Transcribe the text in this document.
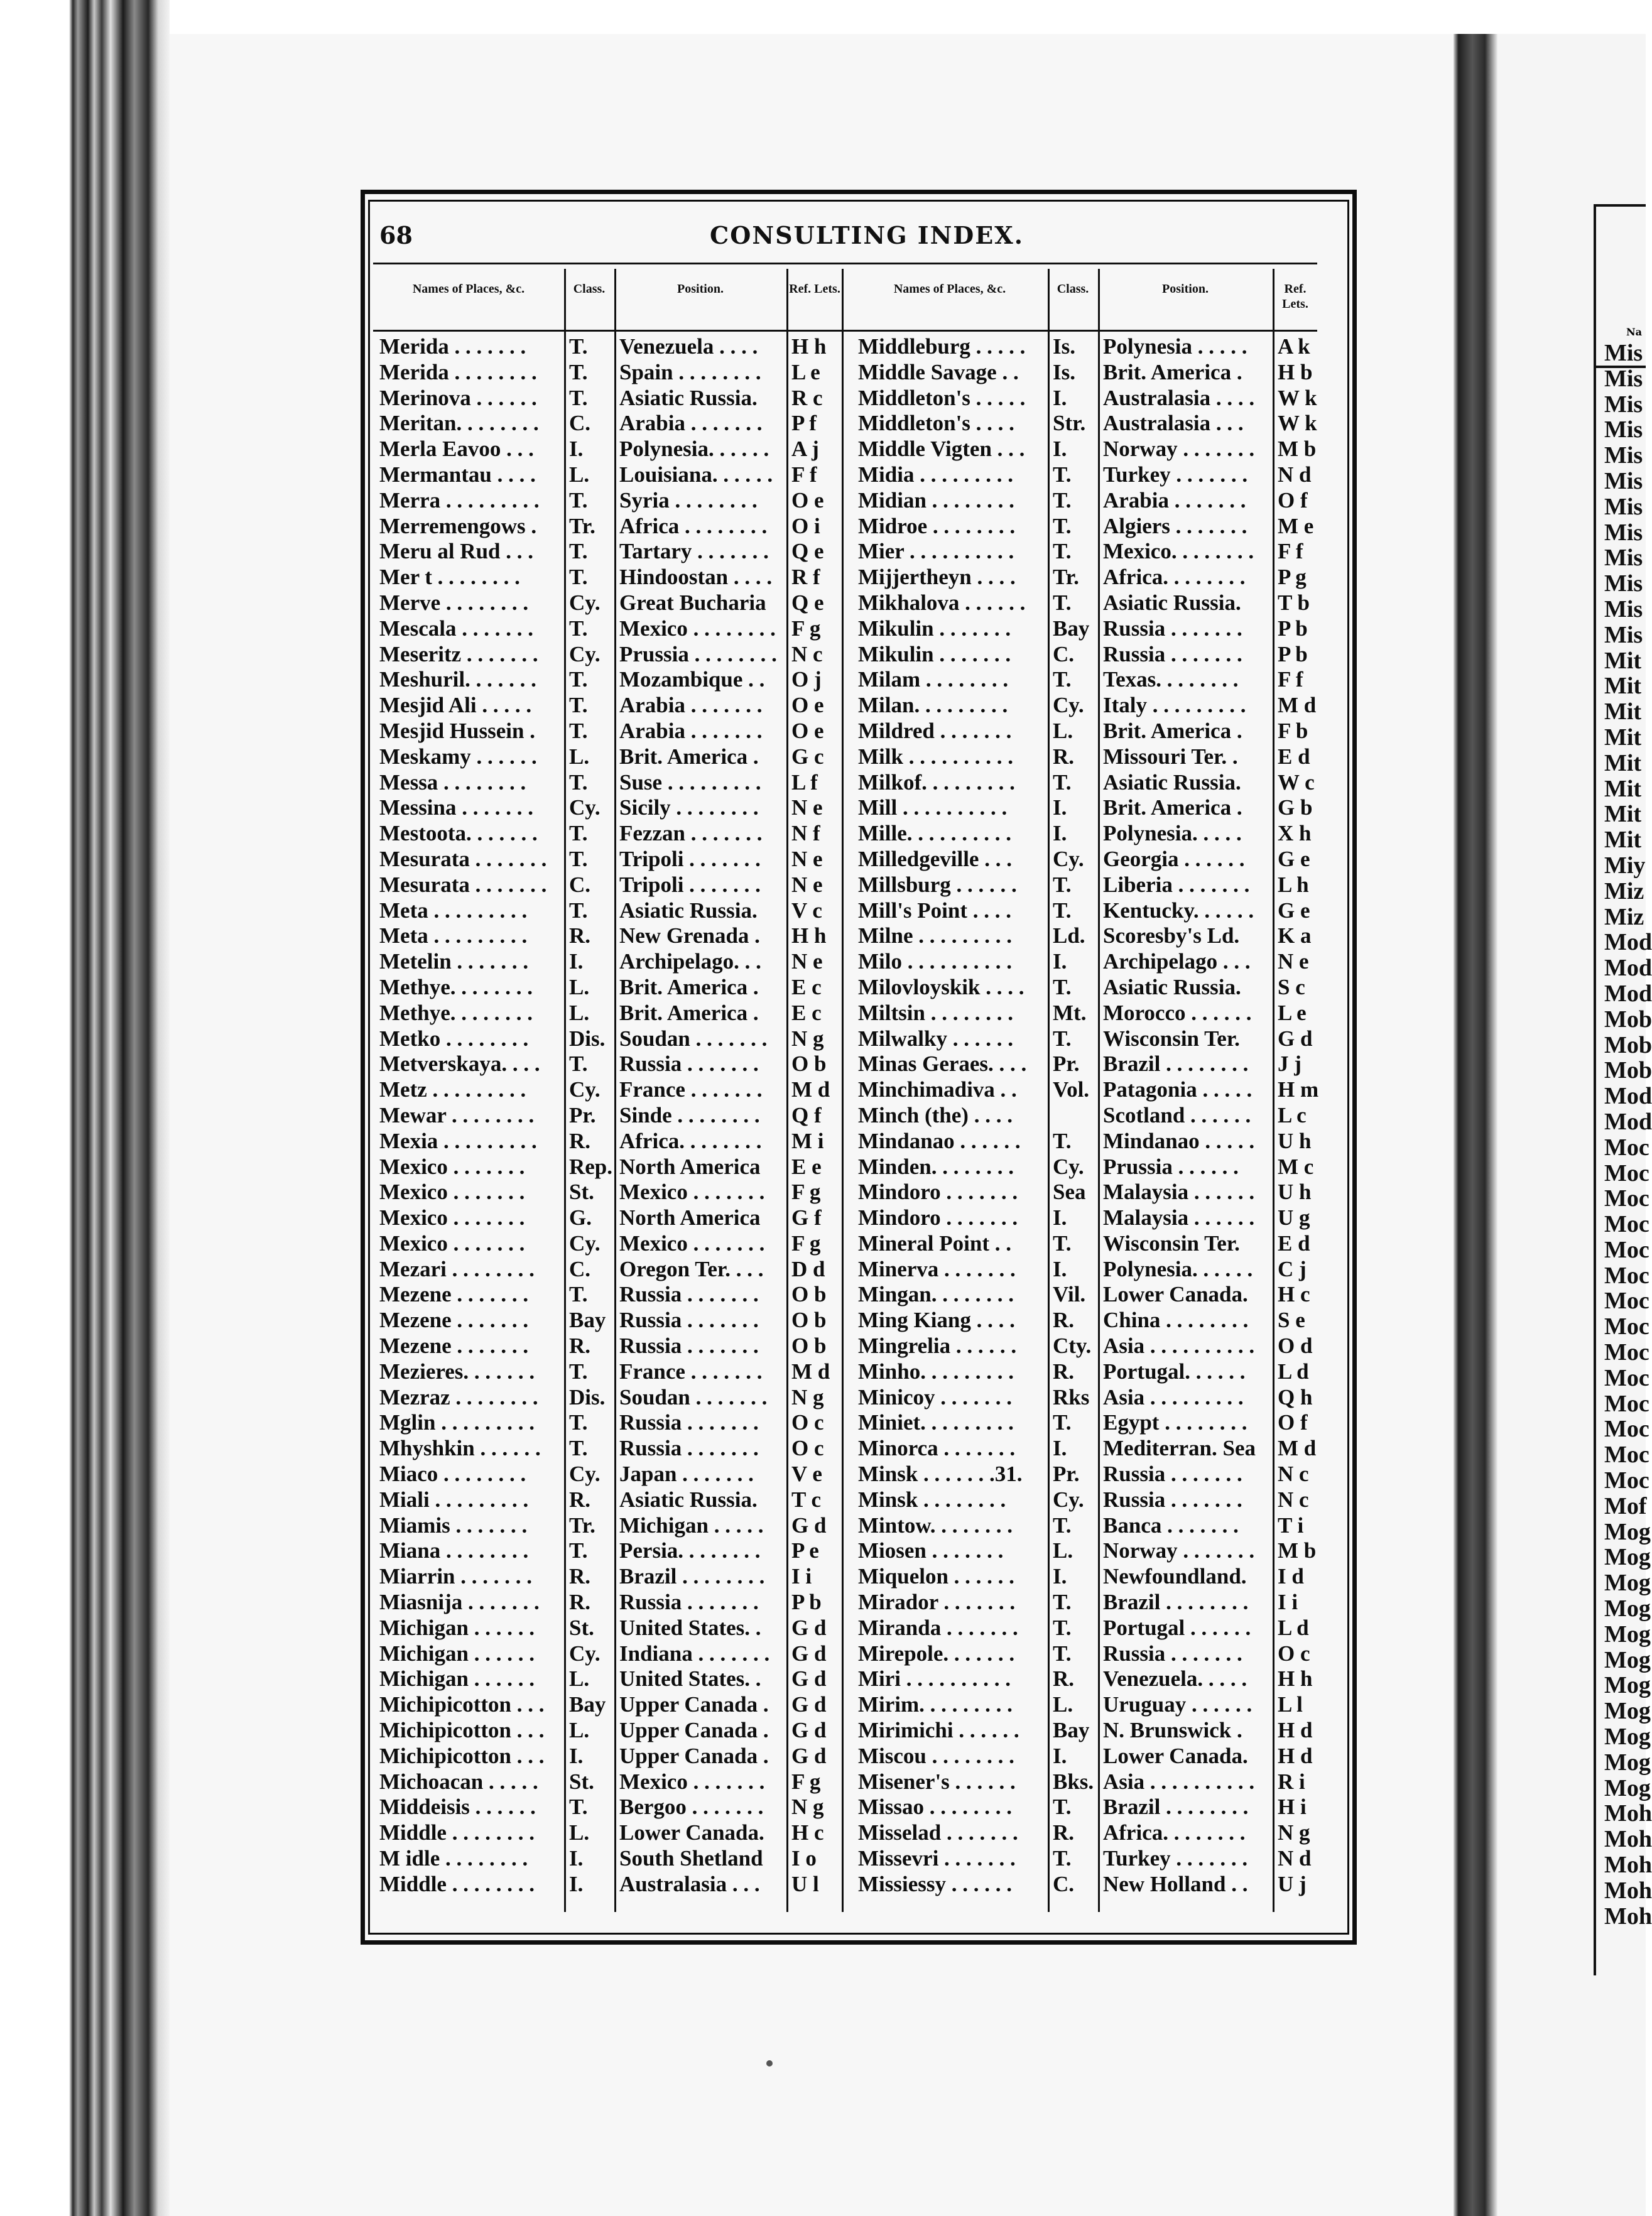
Na
Mis
Mis
Mis
Mis
Mis
Mis
Mis
Mis
Mis
Mis
Mis
Mis
Mit
Mit
Mit
Mit
Mit
Mit
Mit
Mit
Miy
Miz
Miz
Mod
Mod
Mod
Mob
Mob
Mob
Mod
Mod
Moc
Moc
Moc
Moc
Moc
Moc
Moc
Moc
Moc
Moc
Moc
Moc
Moc
Moc
Mof
Mog
Mog
Mog
Mog
Mog
Mog
Mog
Mog
Mog
Mog
Mog
Moh
Moh
Moh
Moh
Moh
68	CONSULTING INDEX.
Names of Places, &c.	Class.	Position.	Ref. Lets.
Merida . . . . . . . T. Venezuela . . . . H h
Merida . . . . . . . . T. Spain . . . . . . . . L e
Merinova . . . . . . T. Asiatic Russia. R c
Meritan. . . . . . . . C. Arabia . . . . . . . P f
Merla Eavoo . . . I. Polynesia. . . . . . A j
Mermantau . . . . L. Louisiana. . . . . . F f
Merra . . . . . . . . . T. Syria . . . . . . . . O e
Merremengows . Tr. Africa . . . . . . . . O i
Meru al Rud . . . T. Tartary . . . . . . . Q e
Mer t . . . . . . . . T. Hindoostan . . . . R f
Merve . . . . . . . . Cy. Great Bucharia Q e
Mescala . . . . . . . T. Mexico . . . . . . . . F g
Meseritz . . . . . . . Cy. Prussia . . . . . . . . N c
Meshuril. . . . . . . T. Mozambique . . O j
Mesjid Ali . . . . . T. Arabia . . . . . . . O e
Mesjid Hussein . T. Arabia . . . . . . . O e
Meskamy . . . . . . L. Brit. America . G c
Messa . . . . . . . . T. Suse . . . . . . . . . L f
Messina . . . . . . . Cy. Sicily . . . . . . . . N e
Mestoota. . . . . . . T. Fezzan . . . . . . . N f
Mesurata . . . . . . . T. Tripoli . . . . . . . N e
Mesurata . . . . . . . C. Tripoli . . . . . . . N e
Meta . . . . . . . . . T. Asiatic Russia. V c
Meta . . . . . . . . . R. New Grenada . H h
Metelin . . . . . . . I. Archipelago. . . N e
Methye. . . . . . . . L. Brit. America . E c
Methye. . . . . . . . L. Brit. America . E c
Metko . . . . . . . . Dis. Soudan . . . . . . . N g
Metverskaya. . . . T. Russia . . . . . . . O b
Metz . . . . . . . . . Cy. France . . . . . . . M d
Mewar . . . . . . . . Pr. Sinde . . . . . . . . Q f
Mexia . . . . . . . . . R. Africa. . . . . . . . M i
Mexico . . . . . . . Rep. North America E e
Mexico . . . . . . . St. Mexico . . . . . . . F g
Mexico . . . . . . . G. North America G f
Mexico . . . . . . . Cy. Mexico . . . . . . . F g
Mezari . . . . . . . . C. Oregon Ter. . . . D d
Mezene . . . . . . . T. Russia . . . . . . . O b
Mezene . . . . . . . Bay Russia . . . . . . . O b
Mezene . . . . . . . R. Russia . . . . . . . O b
Mezieres. . . . . . . T. France . . . . . . . M d
Mezraz . . . . . . . . Dis. Soudan . . . . . . . N g
Mglin . . . . . . . . . T. Russia . . . . . . . O c
Mhyshkin . . . . . . T. Russia . . . . . . . O c
Miaco . . . . . . . . Cy. Japan . . . . . . . V e
Miali . . . . . . . . . R. Asiatic Russia. T c
Miamis . . . . . . . Tr. Michigan . . . . . G d
Miana . . . . . . . . T. Persia. . . . . . . . P e
Miarrin . . . . . . . R. Brazil . . . . . . . . I i
Miasnija . . . . . . . R. Russia . . . . . . . P b
Michigan . . . . . . St. United States. . G d
Michigan . . . . . . Cy. Indiana . . . . . . . G d
Michigan . . . . . . L. United States. . G d
Michipicotton . . . Bay Upper Canada . G d
Michipicotton . . . L. Upper Canada . G d
Michipicotton . . . I. Upper Canada . G d
Michoacan . . . . . St. Mexico . . . . . . . F g
Middeisis . . . . . . T. Bergoo . . . . . . . N g
Middle . . . . . . . . L. Lower Canada. H c
M idle . . . . . . . . I. South Shetland I o
Middle . . . . . . . . I. Australasia . . . U l
Names of Places, &c.	Class.	Position.	Ref. Lets.
Middleburg . . . . . Is. Polynesia . . . . . A k
Middle Savage . . Is. Brit. America . H b
Middleton's . . . . . I. Australasia . . . . W k
Middleton's . . . . Str. Australasia . . . W k
Middle Vigten . . . I. Norway . . . . . . . M b
Midia . . . . . . . . . T. Turkey . . . . . . . N d
Midian . . . . . . . . T. Arabia . . . . . . . O f
Midroe . . . . . . . . T. Algiers . . . . . . . M e
Mier . . . . . . . . . . T. Mexico. . . . . . . . F f
Mijjertheyn . . . . Tr. Africa. . . . . . . . P g
Mikhalova . . . . . . T. Asiatic Russia. T b
Mikulin . . . . . . . Bay Russia . . . . . . . P b
Mikulin . . . . . . . C. Russia . . . . . . . P b
Milam . . . . . . . . T. Texas. . . . . . . . F f
Milan. . . . . . . . . Cy. Italy . . . . . . . . . M d
Mildred . . . . . . . L. Brit. America . F b
Milk . . . . . . . . . . R. Missouri Ter. . E d
Milkof. . . . . . . . . T. Asiatic Russia. W c
Mill . . . . . . . . . . I. Brit. America . G b
Mille. . . . . . . . . . I. Polynesia. . . . . X h
Milledgeville . . . Cy. Georgia . . . . . . G e
Millsburg . . . . . . T. Liberia . . . . . . . L h
Mill's Point . . . . T. Kentucky. . . . . . G e
Milne . . . . . . . . . Ld. Scoresby's Ld. K a
Milo . . . . . . . . . . I. Archipelago . . . N e
Milovloyskik . . . . T. Asiatic Russia. S c
Miltsin . . . . . . . . Mt. Morocco . . . . . . L e
Milwalky . . . . . . T. Wisconsin Ter. G d
Minas Geraes. . . . Pr. Brazil . . . . . . . . J j
Minchimadiva . . Vol. Patagonia . . . . . H m
Minch (the) . . . .	Scotland . . . . . . L c
Mindanao . . . . . . T. Mindanao . . . . . U h
Minden. . . . . . . . Cy. Prussia . . . . . . M c
Mindoro . . . . . . . Sea Malaysia . . . . . . U h
Mindoro . . . . . . . I. Malaysia . . . . . . U g
Mineral Point . . T. Wisconsin Ter. E d
Minerva . . . . . . . I. Polynesia. . . . . . C j
Mingan. . . . . . . . Vil. Lower Canada. H c
Ming Kiang . . . . R. China . . . . . . . . S e
Mingrelia . . . . . . Cty. Asia . . . . . . . . . . O d
Minho. . . . . . . . . R. Portugal. . . . . . L d
Minicoy . . . . . . . Rks Asia . . . . . . . . . Q h
Miniet. . . . . . . . . T. Egypt . . . . . . . . O f
Minorca . . . . . . . I. Mediterran. Sea M d
Minsk . . . . . . .31. Pr. Russia . . . . . . . N c
Minsk . . . . . . . . Cy. Russia . . . . . . . N c
Mintow. . . . . . . . T. Banca . . . . . . . T i
Miosen . . . . . . . L. Norway . . . . . . . M b
Miquelon . . . . . . I. Newfoundland. I d
Mirador . . . . . . . T. Brazil . . . . . . . . I i
Miranda . . . . . . . T. Portugal . . . . . . L d
Mirepole. . . . . . . T. Russia . . . . . . . O c
Miri . . . . . . . . . . R. Venezuela. . . . . H h
Mirim. . . . . . . . . L. Uruguay . . . . . . L l
Mirimichi . . . . . . Bay N. Brunswick . H d
Miscou . . . . . . . . I. Lower Canada. H d
Misener's . . . . . . Bks. Asia . . . . . . . . . . R i
Missao . . . . . . . . T. Brazil . . . . . . . . H i
Misselad . . . . . . . R. Africa. . . . . . . . N g
Missevri . . . . . . . T. Turkey . . . . . . . N d
Missiessy . . . . . . C. New Holland . . U j
